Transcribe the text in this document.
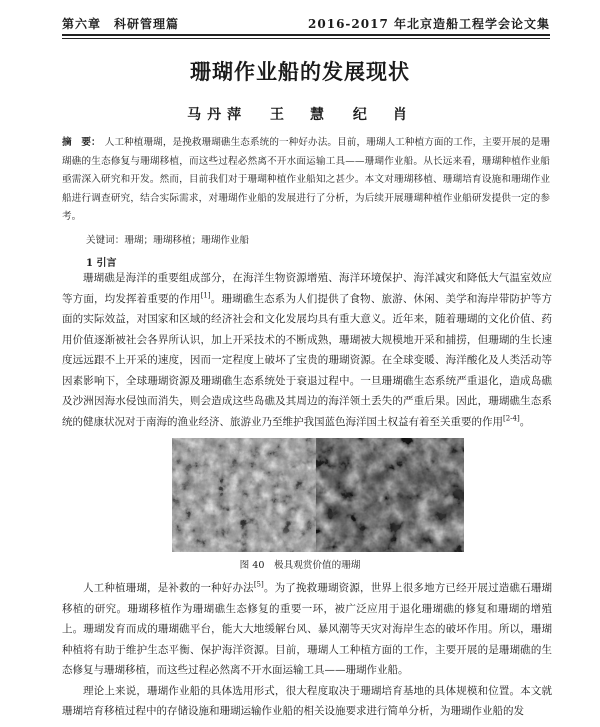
第六章　科研管理篇	2016-2017 年北京造船工程学会论文集
珊瑚作业船的发展现状
马丹萍 王　慧 纪　肖
摘　要： 人工种植珊瑚，是挽救珊瑚礁生态系统的一种好办法。目前，珊瑚人工种植方面的工作，主要开展的是珊瑚礁的生态修复与珊瑚移植，而这些过程必然离不开水面运输工具——珊瑚作业船。从长远来看，珊瑚种植作业船亟需深入研究和开发。然而，目前我们对于珊瑚种植作业船知之甚少。本文对珊瑚移植、珊瑚培育设施和珊瑚作业船进行调查研究，结合实际需求，对珊瑚作业船的发展进行了分析，为后续开展珊瑚种植作业船研发提供一定的参考。
关键词：珊瑚；珊瑚移植；珊瑚作业船
1 引言
珊瑚礁是海洋的重要组成部分，在海洋生物资源增殖、海洋环境保护、海洋减灾和降低大气温室效应等方面，均发挥着重要的作用[1]。珊瑚礁生态系为人们提供了食物、旅游、休闲、美学和海岸带防护等方面的实际效益，对国家和区域的经济社会和文化发展均具有重大意义。近年来，随着珊瑚的文化价值、药用价值逐渐被社会各界所认识，加上开采技术的不断成熟，珊瑚被大规模地开采和捕捞，但珊瑚的生长速度远远跟不上开采的速度，因而一定程度上破坏了宝贵的珊瑚资源。在全球变暖、海洋酸化及人类活动等因素影响下，全球珊瑚资源及珊瑚礁生态系统处于衰退过程中。一旦珊瑚礁生态系统严重退化，造成岛礁及沙洲因海水侵蚀而消失，则会造成这些岛礁及其周边的海洋领土丢失的严重后果。因此，珊瑚礁生态系统的健康状况对于南海的渔业经济、旅游业乃至维护我国蓝色海洋国土权益有着至关重要的作用[2-4]。
图 40　极具观赏价值的珊瑚

人工种植珊瑚，是补救的一种好办法[5]。为了挽救珊瑚资源，世界上很多地方已经开展过造礁石珊瑚移植的研究。珊瑚移植作为珊瑚礁生态修复的重要一环，被广泛应用于退化珊瑚礁的修复和珊瑚的增殖上。珊瑚发育而成的珊瑚礁平台，能大大地缓解台风、暴风潮等天灾对海岸生态的破坏作用。所以，珊瑚种植将有助于维护生态平衡、保护海洋资源。目前，珊瑚人工种植方面的工作，主要开展的是珊瑚礁的生态修复与珊瑚移植，而这些过程必然离不开水面运输工具——珊瑚作业船。

理论上来说，珊瑚作业船的具体选用形式，很大程度取决于珊瑚培育基地的具体规模和位置。本文就珊瑚培育移植过程中的存储设施和珊瑚运输作业船的相关设施要求进行简单分析，为珊瑚作业船的发
